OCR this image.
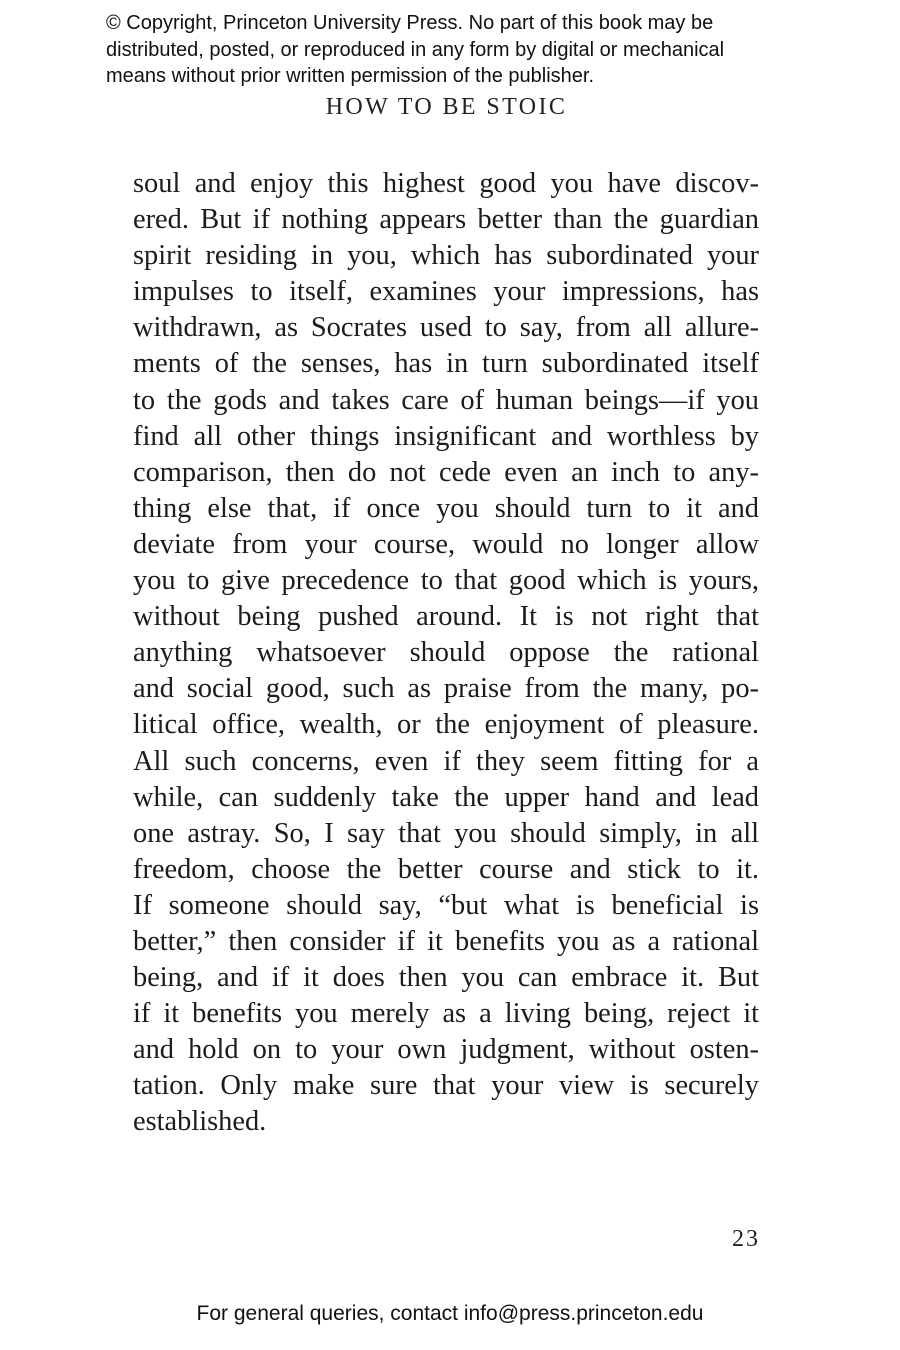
© Copyright, Princeton University Press. No part of this book may be
distributed, posted, or reproduced in any form by digital or mechanical
means without prior written permission of the publisher.
HOW TO BE STOIC
soul and enjoy this highest good you have discov-
ered. But if nothing appears better than the guardian
spirit residing in you, which has subordinated your
impulses to itself, examines your impressions, has
withdrawn, as Socrates used to say, from all allure-
ments of the senses, has in turn subordinated itself
to the gods and takes care of human beings—if you
find all other things insignificant and worthless by
comparison, then do not cede even an inch to any-
thing else that, if once you should turn to it and
deviate from your course, would no longer allow
you to give precedence to that good which is yours,
without being pushed around. It is not right that
anything whatsoever should oppose the rational
and social good, such as praise from the many, po-
litical office, wealth, or the enjoyment of pleasure.
All such concerns, even if they seem fitting for a
while, can suddenly take the upper hand and lead
one astray. So, I say that you should simply, in all
freedom, choose the better course and stick to it.
If someone should say, “but what is beneficial is
better,” then consider if it benefits you as a rational
being, and if it does then you can embrace it. But
if it benefits you merely as a living being, reject it
and hold on to your own judgment, without osten-
tation. Only make sure that your view is securely
established.
23
For general queries, contact info@press.princeton.edu
